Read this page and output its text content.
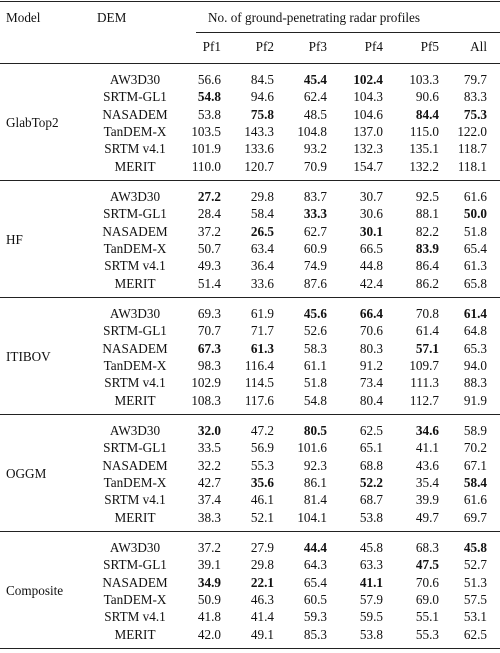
Model	DEM	No. of ground-penetrating radar profiles
Pf1	Pf2	Pf3	Pf4	Pf5	All
GlabTop2
AW3D30	56.6	84.5	45.4	102.4	103.3	79.7
SRTM-GL1	54.8	94.6	62.4	104.3	90.6	83.3
NASADEM	53.8	75.8	48.5	104.6	84.4	75.3
TanDEM-X	103.5	143.3	104.8	137.0	115.0	122.0
SRTM v4.1	101.9	133.6	93.2	132.3	135.1	118.7
MERIT	110.0	120.7	70.9	154.7	132.2	118.1
HF
AW3D30	27.2	29.8	83.7	30.7	92.5	61.6
SRTM-GL1	28.4	58.4	33.3	30.6	88.1	50.0
NASADEM	37.2	26.5	62.7	30.1	82.2	51.8
TanDEM-X	50.7	63.4	60.9	66.5	83.9	65.4
SRTM v4.1	49.3	36.4	74.9	44.8	86.4	61.3
MERIT	51.4	33.6	87.6	42.4	86.2	65.8
ITIBOV
AW3D30	69.3	61.9	45.6	66.4	70.8	61.4
SRTM-GL1	70.7	71.7	52.6	70.6	61.4	64.8
NASADEM	67.3	61.3	58.3	80.3	57.1	65.3
TanDEM-X	98.3	116.4	61.1	91.2	109.7	94.0
SRTM v4.1	102.9	114.5	51.8	73.4	111.3	88.3
MERIT	108.3	117.6	54.8	80.4	112.7	91.9
OGGM
AW3D30	32.0	47.2	80.5	62.5	34.6	58.9
SRTM-GL1	33.5	56.9	101.6	65.1	41.1	70.2
NASADEM	32.2	55.3	92.3	68.8	43.6	67.1
TanDEM-X	42.7	35.6	86.1	52.2	35.4	58.4
SRTM v4.1	37.4	46.1	81.4	68.7	39.9	61.6
MERIT	38.3	52.1	104.1	53.8	49.7	69.7
Composite
AW3D30	37.2	27.9	44.4	45.8	68.3	45.8
SRTM-GL1	39.1	29.8	64.3	63.3	47.5	52.7
NASADEM	34.9	22.1	65.4	41.1	70.6	51.3
TanDEM-X	50.9	46.3	60.5	57.9	69.0	57.5
SRTM v4.1	41.8	41.4	59.3	59.5	55.1	53.1
MERIT	42.0	49.1	85.3	53.8	55.3	62.5
